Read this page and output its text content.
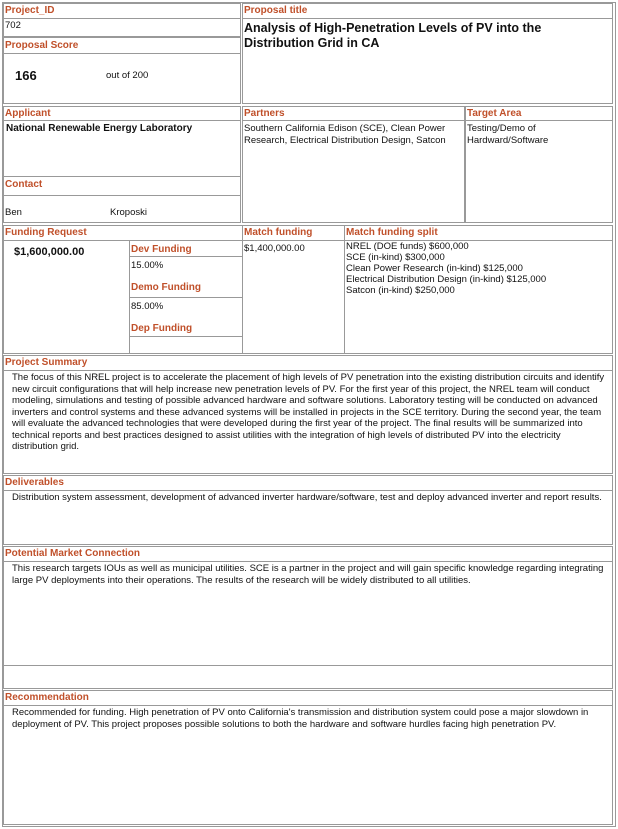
Project_ID
702
Proposal Score
166	out of 200
Proposal title
Analysis of High-Penetration Levels of PV into the Distribution Grid in CA
Applicant
National Renewable Energy Laboratory
Contact
Ben	Kroposki
Partners
Southern California Edison (SCE), Clean Power Research, Electrical Distribution Design, Satcon
Target Area
Testing/Demo of Hardward/Software
Funding Request
$1,600,000.00	Dev Funding
15.00%
Demo Funding
85.00%
Dep Funding
Match funding
$1,400,000.00
Match funding split
NREL (DOE funds) $600,000
SCE (in-kind) $300,000
Clean Power Research (in-kind) $125,000
Electrical Distribution Design (in-kind) $125,000
Satcon (in-kind) $250,000
Project Summary
The focus of this NREL project is to accelerate the placement of high levels of PV penetration into the existing distribution circuits and identify new circuit configurations that will help increase new penetration levels of PV. For the first year of this project, the NREL team will conduct modeling, simulations and testing of possible advanced hardware and software solutions. Laboratory testing will be conducted on advanced inverters and control systems and these advanced systems will be installed in projects in the SCE territory. During the second year, the team will evaluate the advanced technologies that were developed during the first year of the project. The final results will be summarized into technical reports and best practices designed to assist utilities with the integration of high levels of distributed PV into the electricity distribution grid.
Deliverables
Distribution system assessment, development of advanced inverter hardware/software, test and deploy advanced inverter and report results.
Potential Market Connection
This research targets IOUs as well as municipal utilities. SCE is a partner in the project and will gain specific knowledge regarding integrating large PV deployments into their operations. The results of the research will be widely distributed to all utilities.
Recommendation
Recommended for funding. High penetration of PV onto California's transmission and distribution system could pose a major slowdown in deployment of PV. This project proposes possible solutions to both the hardware and software hurdles facing high penetration PV.
